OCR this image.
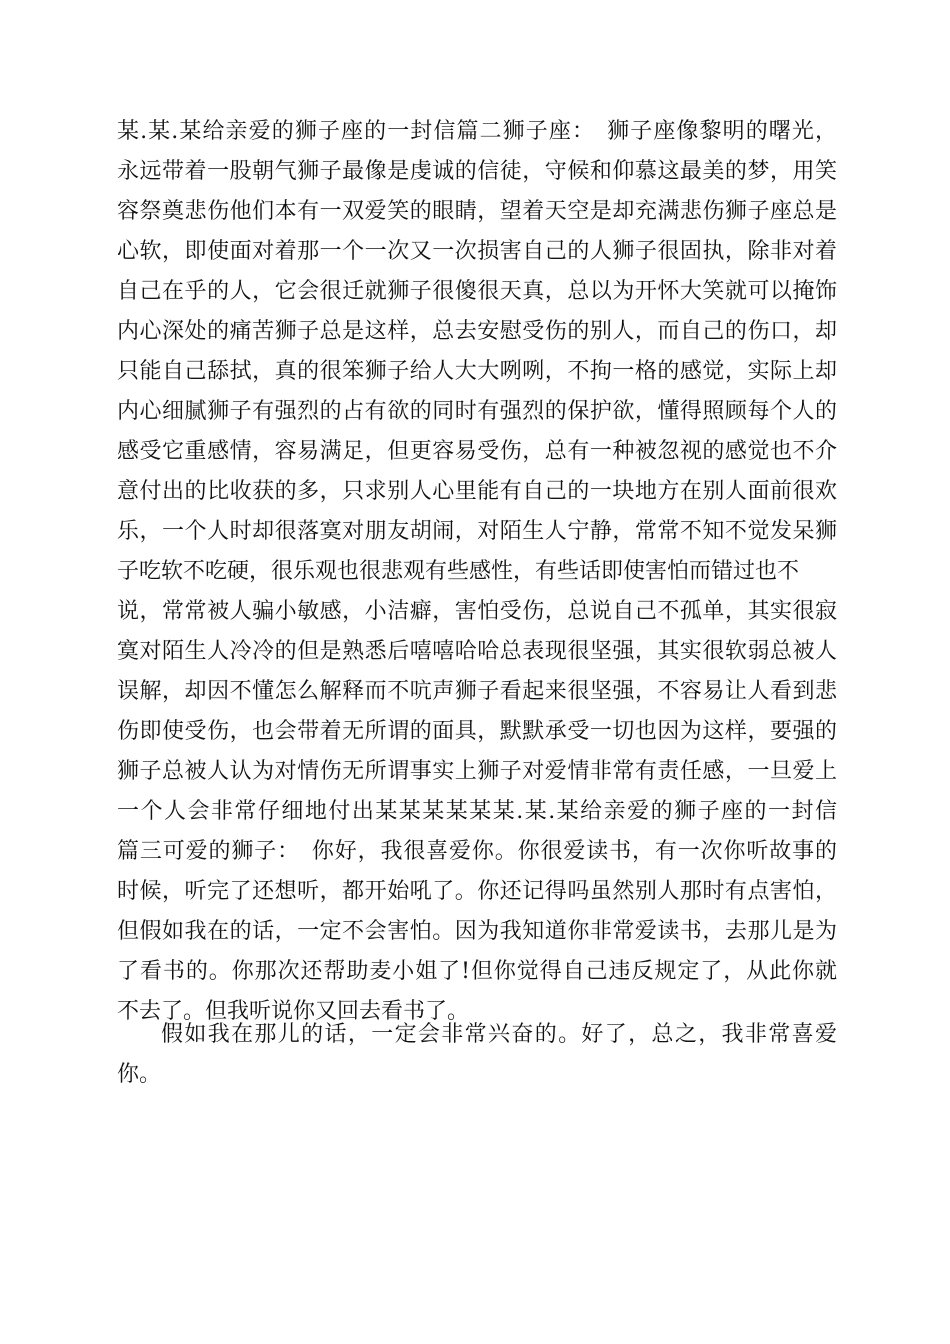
某.某.某给亲爱的狮子座的一封信篇二狮子座：　狮子座像黎明的曙光，
永远带着一股朝气狮子最像是虔诚的信徒，守候和仰慕这最美的梦，用笑
容祭奠悲伤他们本有一双爱笑的眼睛，望着天空是却充满悲伤狮子座总是
心软，即使面对着那一个一次又一次损害自己的人狮子很固执，除非对着
自己在乎的人，它会很迁就狮子很傻很天真，总以为开怀大笑就可以掩饰
内心深处的痛苦狮子总是这样，总去安慰受伤的别人，而自己的伤口，却
只能自己舔拭，真的很笨狮子给人大大咧咧，不拘一格的感觉，实际上却
内心细腻狮子有强烈的占有欲的同时有强烈的保护欲，懂得照顾每个人的
感受它重感情，容易满足，但更容易受伤，总有一种被忽视的感觉也不介
意付出的比收获的多，只求别人心里能有自己的一块地方在别人面前很欢
乐，一个人时却很落寞对朋友胡闹，对陌生人宁静，常常不知不觉发呆狮
子吃软不吃硬，很乐观也很悲观有些感性，有些话即使害怕而错过也不
说，常常被人骗小敏感，小洁癖，害怕受伤，总说自己不孤单，其实很寂
寞对陌生人冷冷的但是熟悉后嘻嘻哈哈总表现很坚强，其实很软弱总被人
误解，却因不懂怎么解释而不吭声狮子看起来很坚强，不容易让人看到悲
伤即使受伤，也会带着无所谓的面具，默默承受一切也因为这样，要强的
狮子总被人认为对情伤无所谓事实上狮子对爱情非常有责任感，一旦爱上
一个人会非常仔细地付出某某某某某某.某.某给亲爱的狮子座的一封信
篇三可爱的狮子：　你好，我很喜爱你。你很爱读书，有一次你听故事的
时候，听完了还想听，都开始吼了。你还记得吗虽然别人那时有点害怕，
但假如我在的话，一定不会害怕。因为我知道你非常爱读书，去那儿是为
了看书的。你那次还帮助麦小姐了!但你觉得自己违反规定了，从此你就
不去了。但我听说你又回去看书了。
假如我在那儿的话，一定会非常兴奋的。好了，总之，我非常喜爱
你。
